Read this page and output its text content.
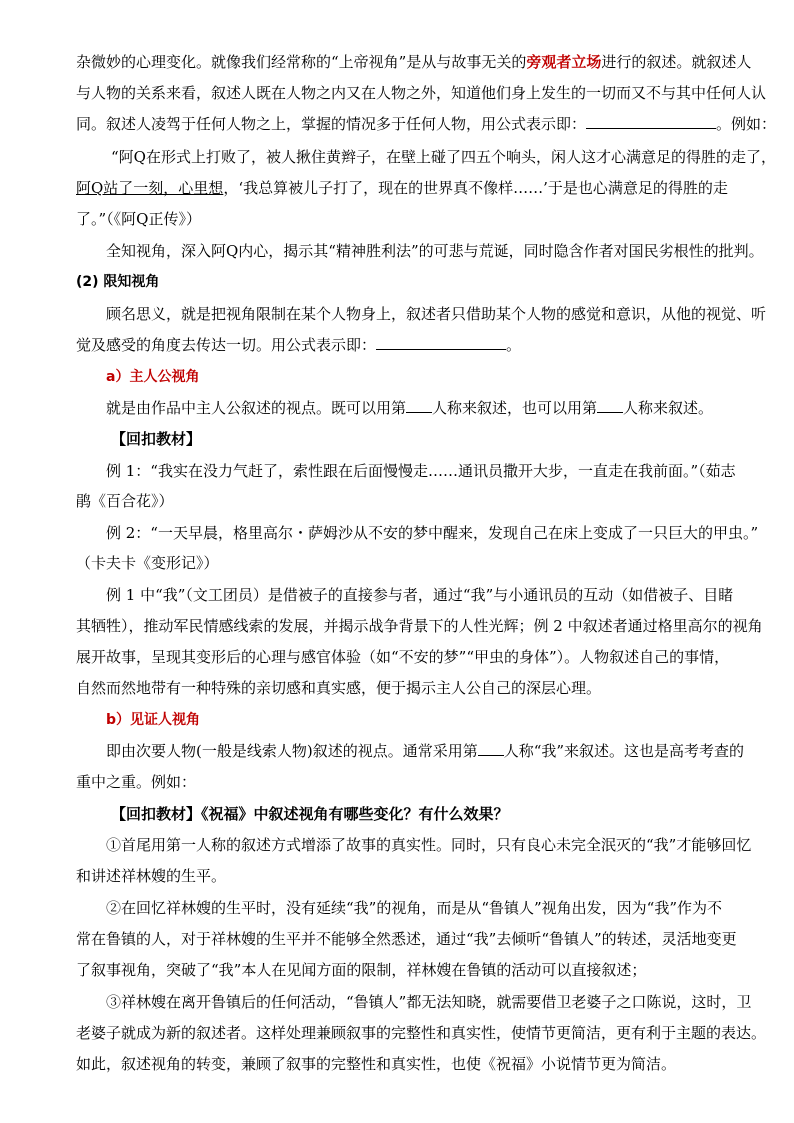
杂微妙的心理变化。就像我们经常称的“上帝视角”是从与故事无关的旁观者立场进行的叙述。就叙述人
与人物的关系来看，叙述人既在人物之内又在人物之外，知道他们身上发生的一切而又不与其中任何人认
同。叙述人凌驾于任何人物之上，掌握的情况多于任何人物，用公式表示即：	。例如：
“阿Q在形式上打败了，被人揪住黄辫子，在壁上碰了四五个响头，闲人这才心满意足的得胜的走了，
阿Q站了一刻，心里想，‘我总算被儿子打了，现在的世界真不像样……’于是也心满意足的得胜的走
了。”（《阿Q正传》）
全知视角，深入阿Q内心，揭示其“精神胜利法”的可悲与荒诞，同时隐含作者对国民劣根性的批判。
(2) 限知视角
顾名思义，就是把视角限制在某个人物身上，叙述者只借助某个人物的感觉和意识，从他的视觉、听
觉及感受的角度去传达一切。用公式表示即：	。
a）主人公视角
就是由作品中主人公叙述的视点。既可以用第 人称来叙述，也可以用第 人称来叙述。
【回扣教材】
例 1：“我实在没力气赶了，索性跟在后面慢慢走……通讯员撒开大步，一直走在我前面。”（茹志
鹃《百合花》）
例 2：“一天早晨，格里高尔・萨姆沙从不安的梦中醒来，发现自己在床上变成了一只巨大的甲虫。”
（卡夫卡《变形记》）
例 1 中“我”（文工团员）是借被子的直接参与者，通过“我”与小通讯员的互动（如借被子、目睹
其牺牲），推动军民情感线索的发展，并揭示战争背景下的人性光辉；例 2 中叙述者通过格里高尔的视角
展开故事，呈现其变形后的心理与感官体验（如“不安的梦”“甲虫的身体”）。人物叙述自己的事情，
自然而然地带有一种特殊的亲切感和真实感，便于揭示主人公自己的深层心理。
b）见证人视角
即由次要人物(一般是线索人物)叙述的视点。通常采用第 人称“我”来叙述。这也是高考考查的
重中之重。例如：
【回扣教材】《祝福》中叙述视角有哪些变化？有什么效果？
①首尾用第一人称的叙述方式增添了故事的真实性。同时，只有良心未完全泯灭的“我”才能够回忆
和讲述祥林嫂的生平。
②在回忆祥林嫂的生平时，没有延续“我”的视角，而是从“鲁镇人”视角出发，因为“我”作为不
常在鲁镇的人，对于祥林嫂的生平并不能够全然悉述，通过“我”去倾听“鲁镇人”的转述，灵活地变更
了叙事视角，突破了“我”本人在见闻方面的限制，祥林嫂在鲁镇的活动可以直接叙述；
③祥林嫂在离开鲁镇后的任何活动，“鲁镇人”都无法知晓，就需要借卫老婆子之口陈说，这时，卫
老婆子就成为新的叙述者。这样处理兼顾叙事的完整性和真实性，使情节更简洁，更有利于主题的表达。
如此，叙述视角的转变，兼顾了叙事的完整性和真实性，也使《祝福》小说情节更为简洁。
